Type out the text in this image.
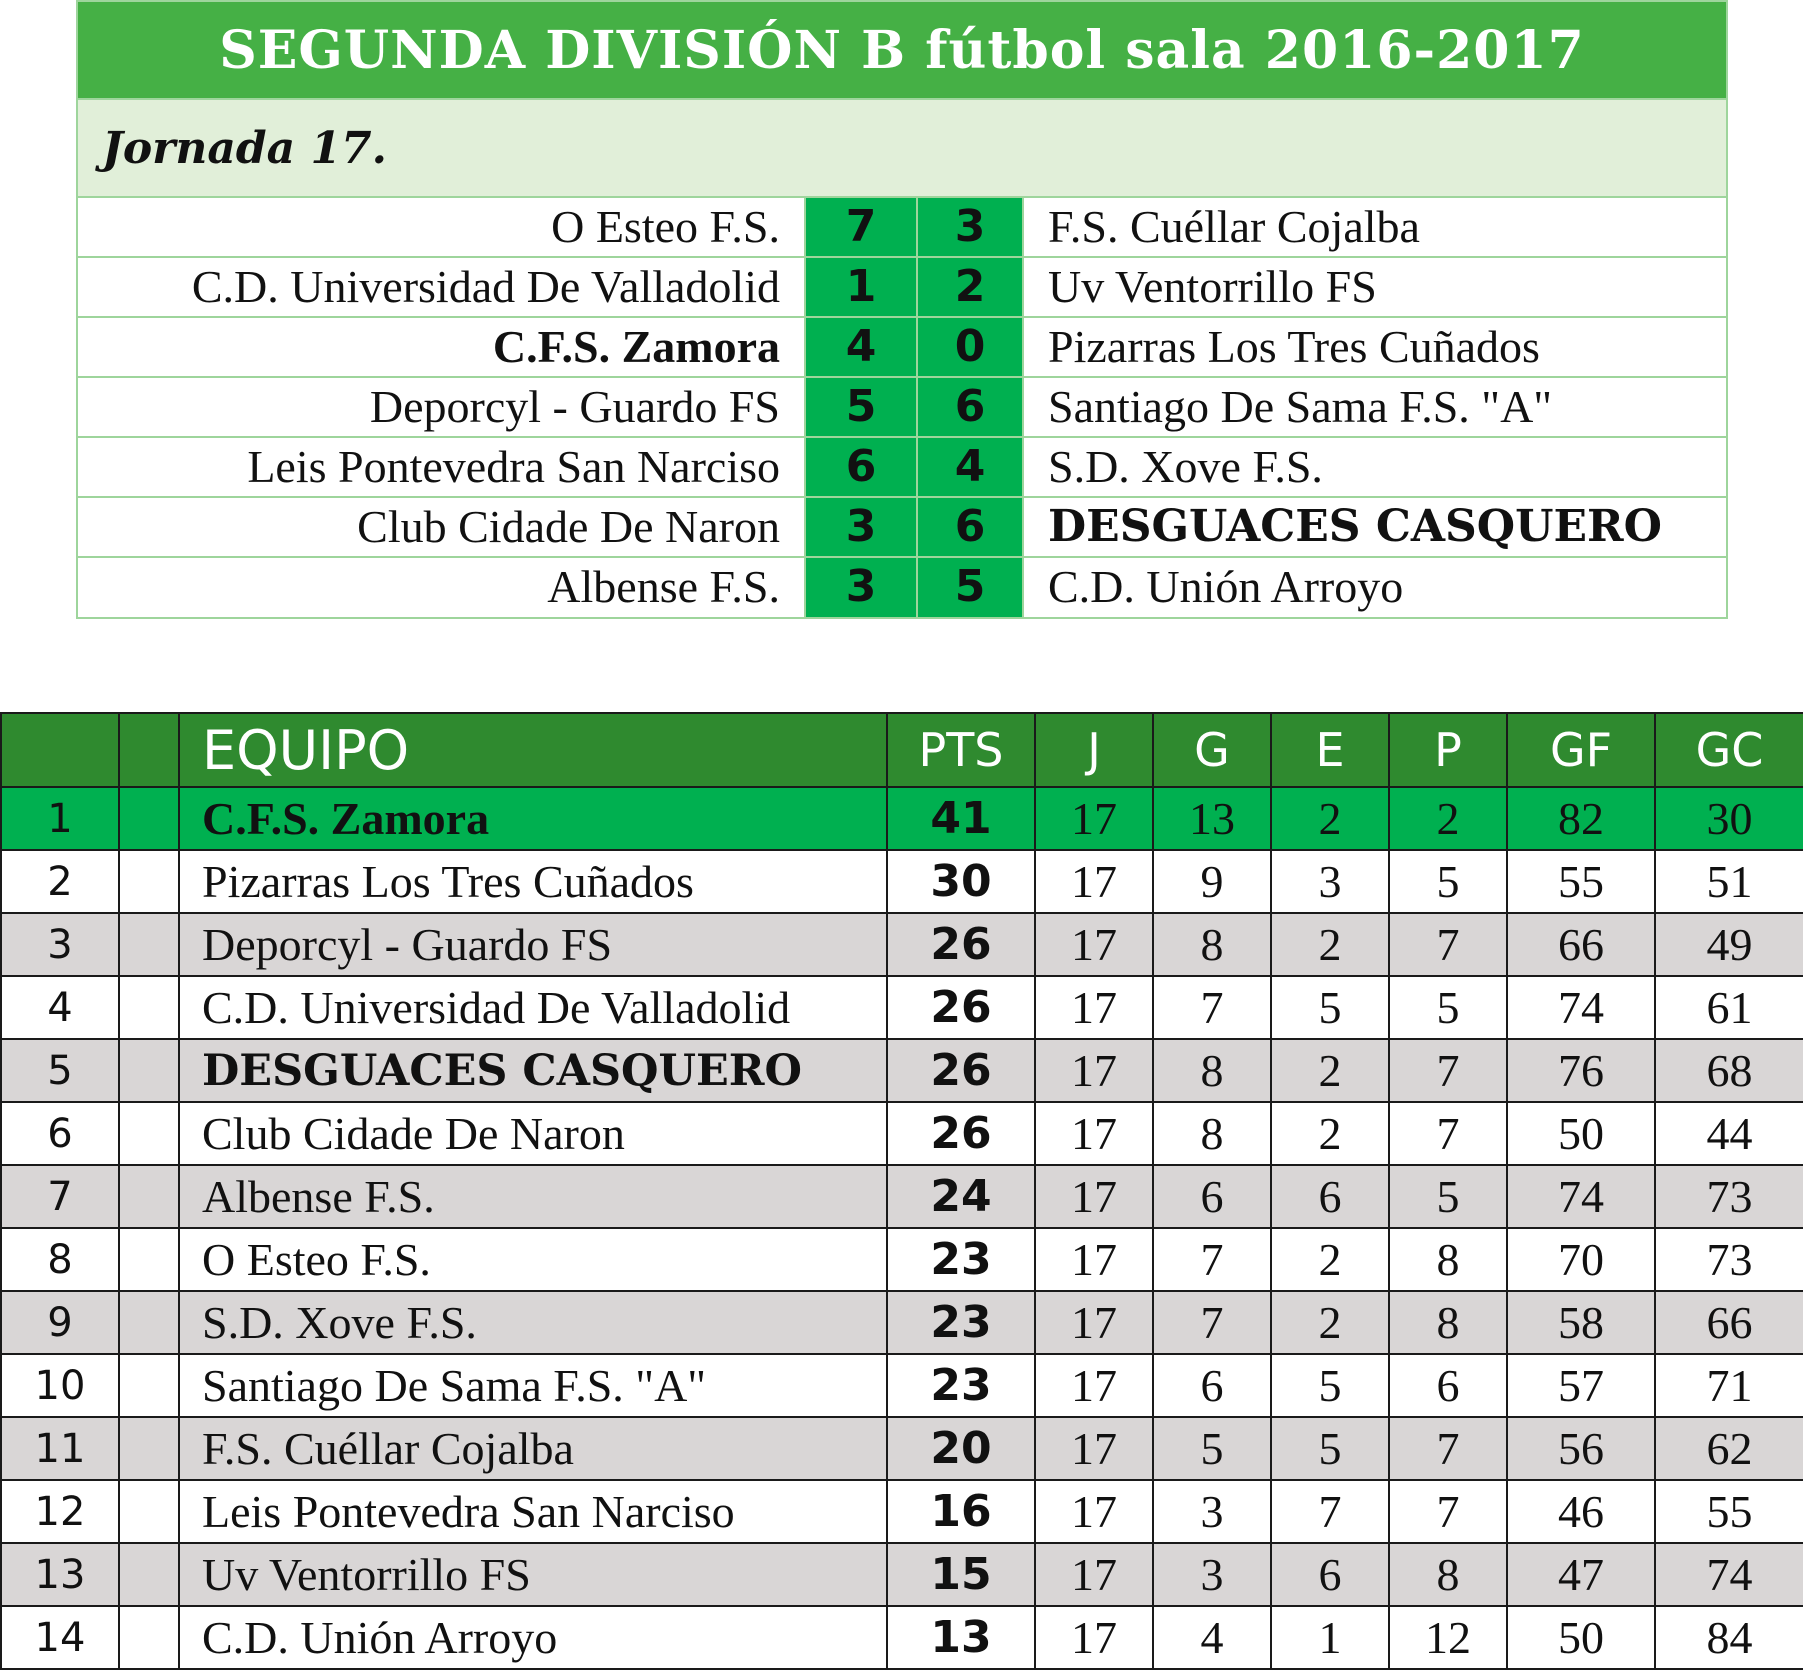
SEGUNDA DIVISIÓN B fútbol sala 2016-2017
Jornada 17.
O Esteo F.S.	7	3	F.S. Cuéllar Cojalba
C.D. Universidad De Valladolid	1	2	Uv Ventorrillo FS
C.F.S. Zamora	4	0	Pizarras Los Tres Cuñados
Deporcyl - Guardo FS	5	6	Santiago De Sama F.S. "A"
Leis Pontevedra San Narciso	6	4	S.D. Xove F.S.
Club Cidade De Naron	3	6	DESGUACES CASQUERO
Albense F.S.	3	5	C.D. Unión Arroyo
		EQUIPO	PTS	J	G	E	P	GF	GC
1		C.F.S. Zamora	41	17	13	2	2	82	30
2		Pizarras Los Tres Cuñados	30	17	9	3	5	55	51
3		Deporcyl - Guardo FS	26	17	8	2	7	66	49
4		C.D. Universidad De Valladolid	26	17	7	5	5	74	61
5		DESGUACES CASQUERO	26	17	8	2	7	76	68
6		Club Cidade De Naron	26	17	8	2	7	50	44
7		Albense F.S.	24	17	6	6	5	74	73
8		O Esteo F.S.	23	17	7	2	8	70	73
9		S.D. Xove F.S.	23	17	7	2	8	58	66
10		Santiago De Sama F.S. "A"	23	17	6	5	6	57	71
11		F.S. Cuéllar Cojalba	20	17	5	5	7	56	62
12		Leis Pontevedra San Narciso	16	17	3	7	7	46	55
13		Uv Ventorrillo FS	15	17	3	6	8	47	74
14		C.D. Unión Arroyo	13	17	4	1	12	50	84
